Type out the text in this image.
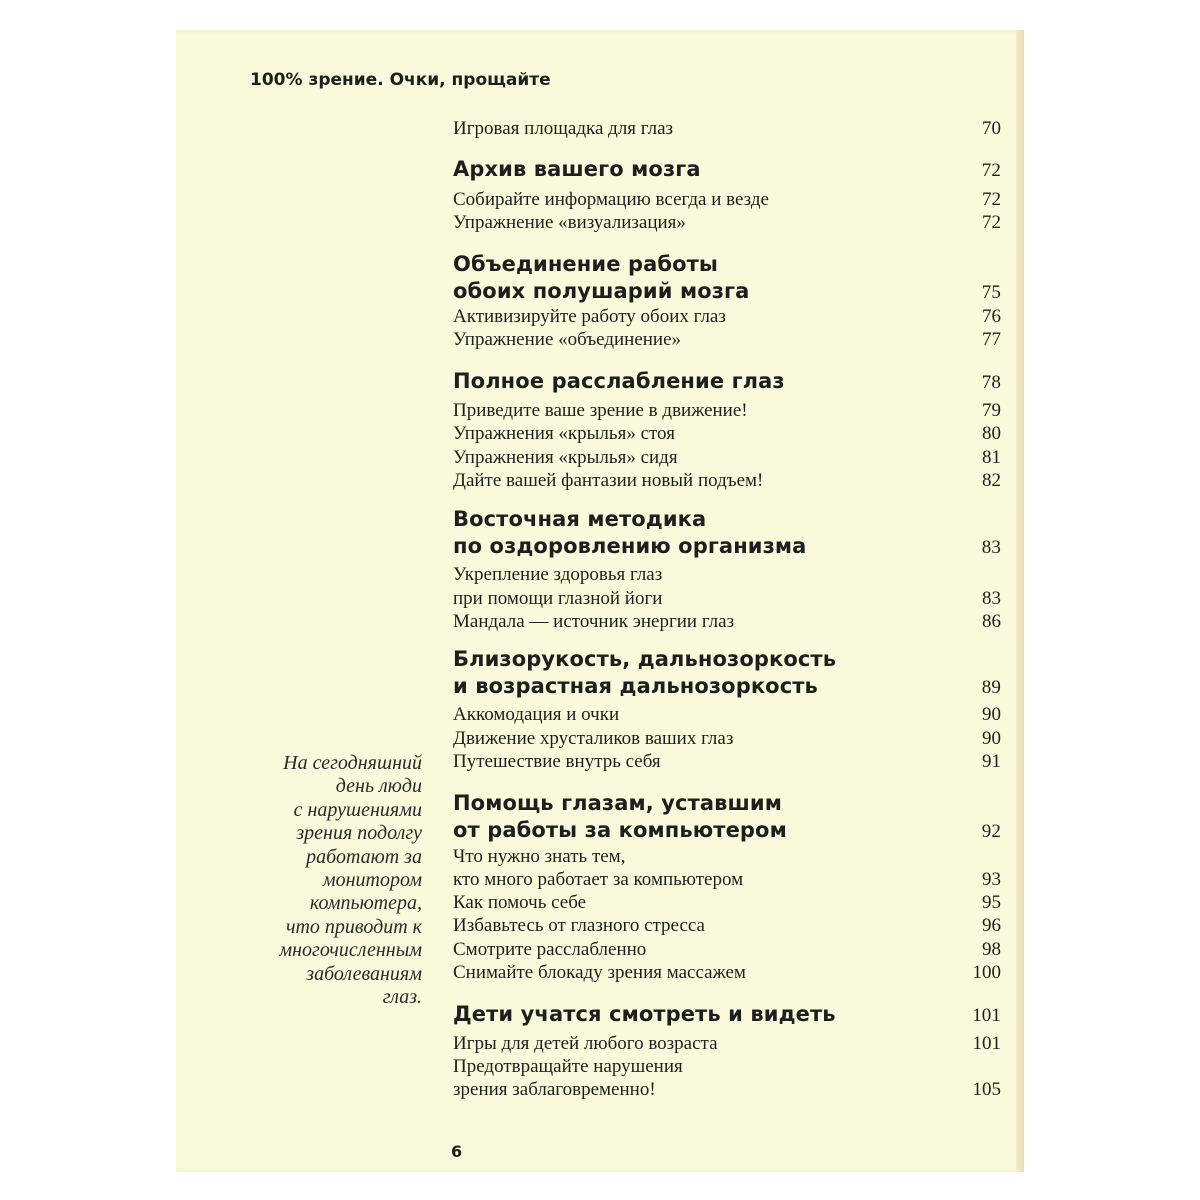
100% зрение. Очки, прощайте
Игровая площадка для глаз	70
Архив вашего мозга	72
Собирайте информацию всегда и везде	72
Упражнение «визуализация»	72
Объединение работы
обоих полушарий мозга	75
Активизируйте работу обоих глаз	76
Упражнение «объединение»	77
Полное расслабление глаз	78
Приведите ваше зрение в движение!	79
Упражнения «крылья» стоя	80
Упражнения «крылья» сидя	81
Дайте вашей фантазии новый подъем!	82
Восточная методика
по оздоровлению организма	83
Укрепление здоровья глаз
при помощи глазной йоги	83
Мандала — источник энергии глаз	86
Близорукость, дальнозоркость
и возрастная дальнозоркость	89
Аккомодация и очки	90
Движение хрусталиков ваших глаз	90
Путешествие внутрь себя	91
Помощь глазам, уставшим
от работы за компьютером	92
Что нужно знать тем,
кто много работает за компьютером	93
Как помочь себе	95
Избавьтесь от глазного стресса	96
Смотрите расслабленно	98
Снимайте блокаду зрения массажем	100
Дети учатся смотреть и видеть	101
Игры для детей любого возраста	101
Предотвращайте нарушения
зрения заблаговременно!	105
На сегодняшний
день люди
с нарушениями
зрения подолгу
работают за
монитором
компьютера,
что приводит к
многочисленным
заболеваниям
глаз.
6
